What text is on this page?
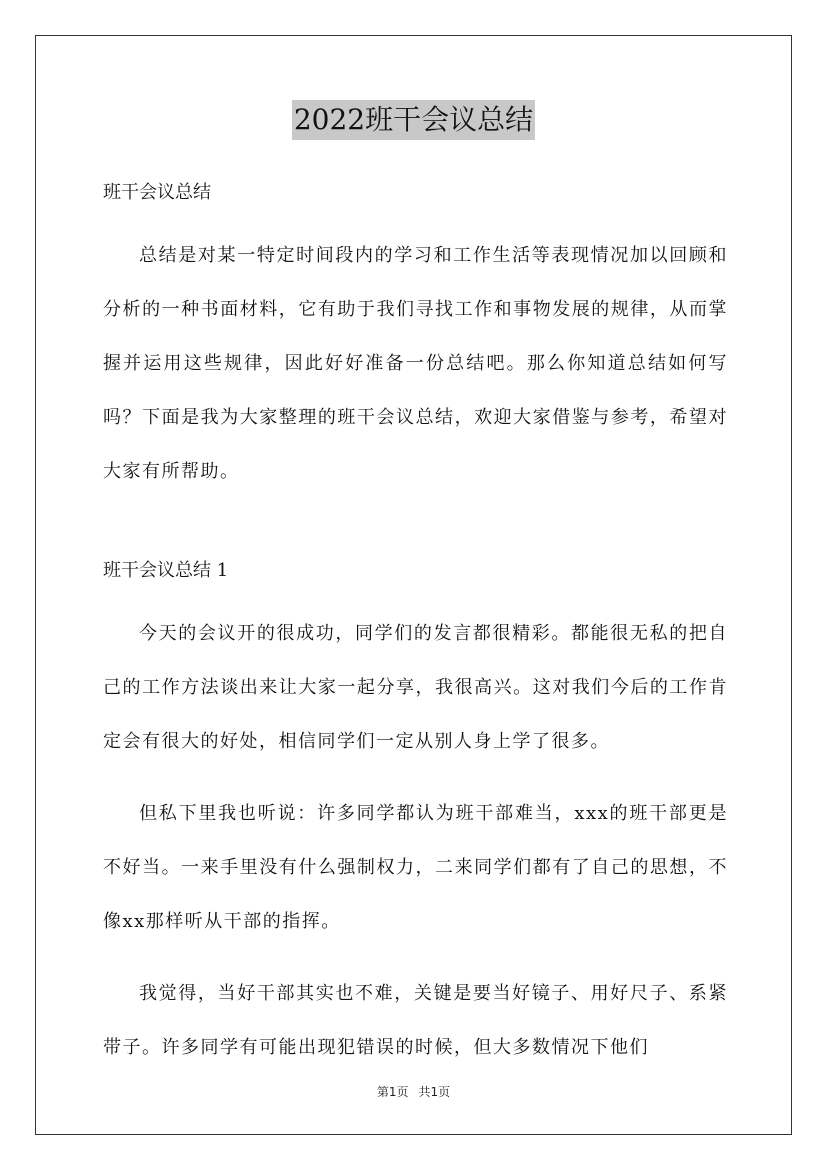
2022班干会议总结

班干会议总结

总结是对某一特定时间段内的学习和工作生活等表现情况加以回顾和分析的一种书面材料，它有助于我们寻找工作和事物发展的规律，从而掌握并运用这些规律，因此好好准备一份总结吧。那么你知道总结如何写吗？下面是我为大家整理的班干会议总结，欢迎大家借鉴与参考，希望对大家有所帮助。

班干会议总结 1

今天的会议开的很成功，同学们的发言都很精彩。都能很无私的把自己的工作方法谈出来让大家一起分享，我很高兴。这对我们今后的工作肯定会有很大的好处，相信同学们一定从别人身上学了很多。

但私下里我也听说：许多同学都认为班干部难当，xxx的班干部更是不好当。一来手里没有什么强制权力，二来同学们都有了自己的思想，不像xx那样听从干部的指挥。

我觉得，当好干部其实也不难，关键是要当好镜子、用好尺子、系紧带子。许多同学有可能出现犯错误的时候，但大多数情况下他们

第1页 共1页
